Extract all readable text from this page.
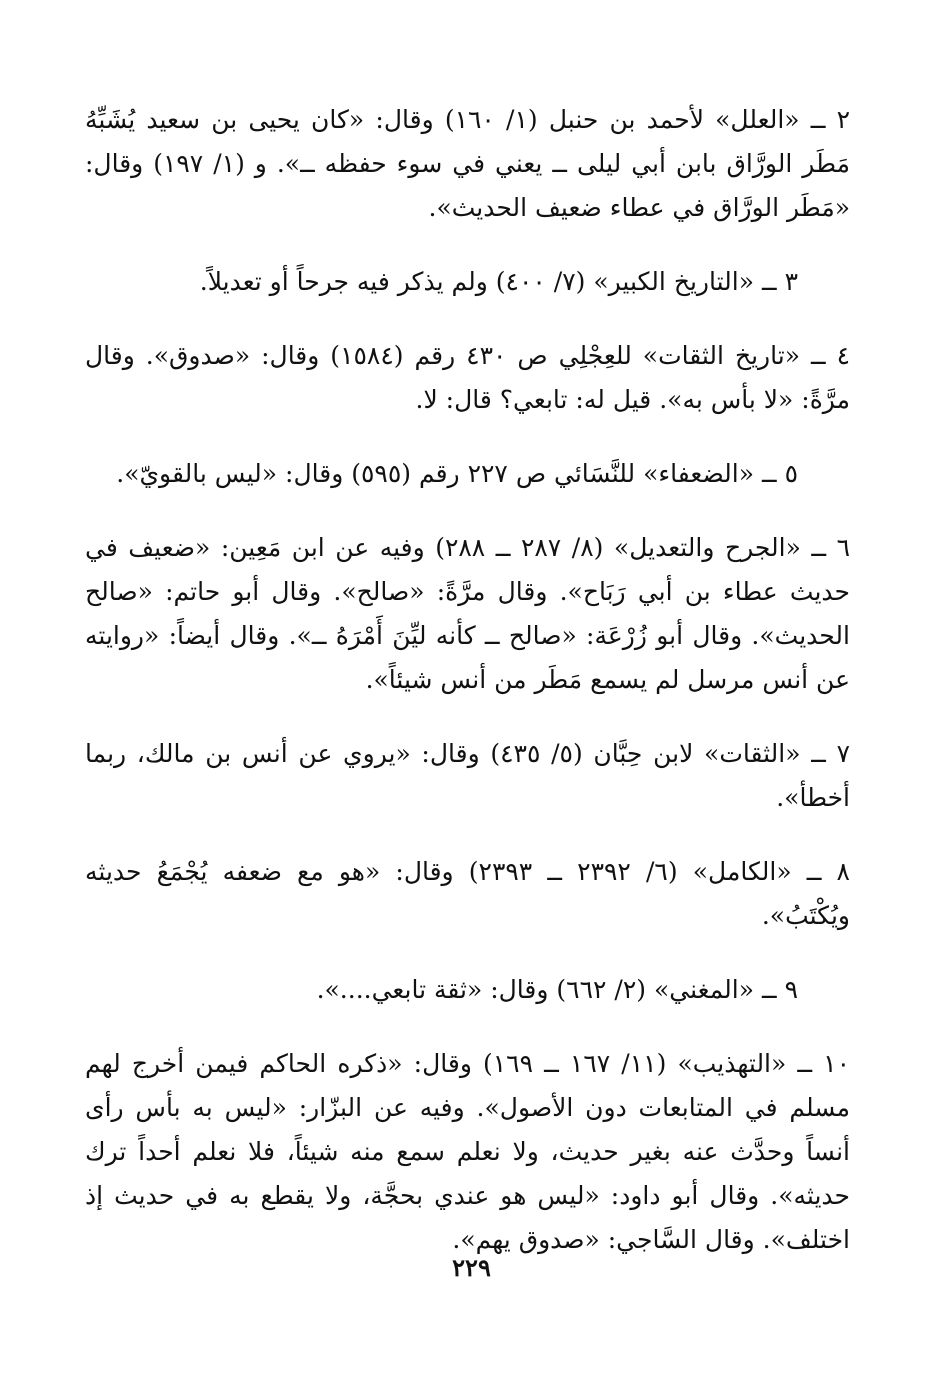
٢ ــ «العلل» لأحمد بن حنبل (١/ ١٦٠) وقال: «كان يحيى بن سعيد يُشَبِّهُ مَطَر الورَّاق بابن أبي ليلى ــ يعني في سوء حفظه ــ». و (١/ ١٩٧) وقال: «مَطَر الورَّاق في عطاء ضعيف الحديث».

٣ ــ «التاريخ الكبير» (٧/ ٤٠٠) ولم يذكر فيه جرحاً أو تعديلاً.

٤ ــ «تاريخ الثقات» للعِجْلِي ص ٤٣٠ رقم (١٥٨٤) وقال: «صدوق». وقال مرَّةً: «لا بأس به». قيل له: تابعي؟ قال: لا.

٥ ــ «الضعفاء» للنَّسَائي ص ٢٢٧ رقم (٥٩٥) وقال: «ليس بالقويّ».

٦ ــ «الجرح والتعديل» (٨/ ٢٨٧ ــ ٢٨٨) وفيه عن ابن مَعِين: «ضعيف في حديث عطاء بن أبي رَبَاح». وقال مرَّةً: «صالح». وقال أبو حاتم: «صالح الحديث». وقال أبو زُرْعَة: «صالح ــ كأنه ليِّنَ أَمْرَهُ ــ». وقال أيضاً: «روايته عن أنس مرسل لم يسمع مَطَر من أنس شيئاً».

٧ ــ «الثقات» لابن حِبَّان (٥/ ٤٣٥) وقال: «يروي عن أنس بن مالك، ربما أخطأ».

٨ ــ «الكامل» (٦/ ٢٣٩٢ ــ ٢٣٩٣) وقال: «هو مع ضعفه يُجْمَعُ حديثه ويُكْتَبُ».

٩ ــ «المغني» (٢/ ٦٦٢) وقال: «ثقة تابعي....».

١٠ ــ «التهذيب» (١١/ ١٦٧ ــ ١٦٩) وقال: «ذكره الحاكم فيمن أخرج لهم مسلم في المتابعات دون الأصول». وفيه عن البزّار: «ليس به بأس رأى أنساً وحدَّث عنه بغير حديث، ولا نعلم سمع منه شيئاً، فلا نعلم أحداً ترك حديثه». وقال أبو داود: «ليس هو عندي بحجَّة، ولا يقطع به في حديث إذ اختلف». وقال السَّاجي: «صدوق يهم».

٢٢٩
